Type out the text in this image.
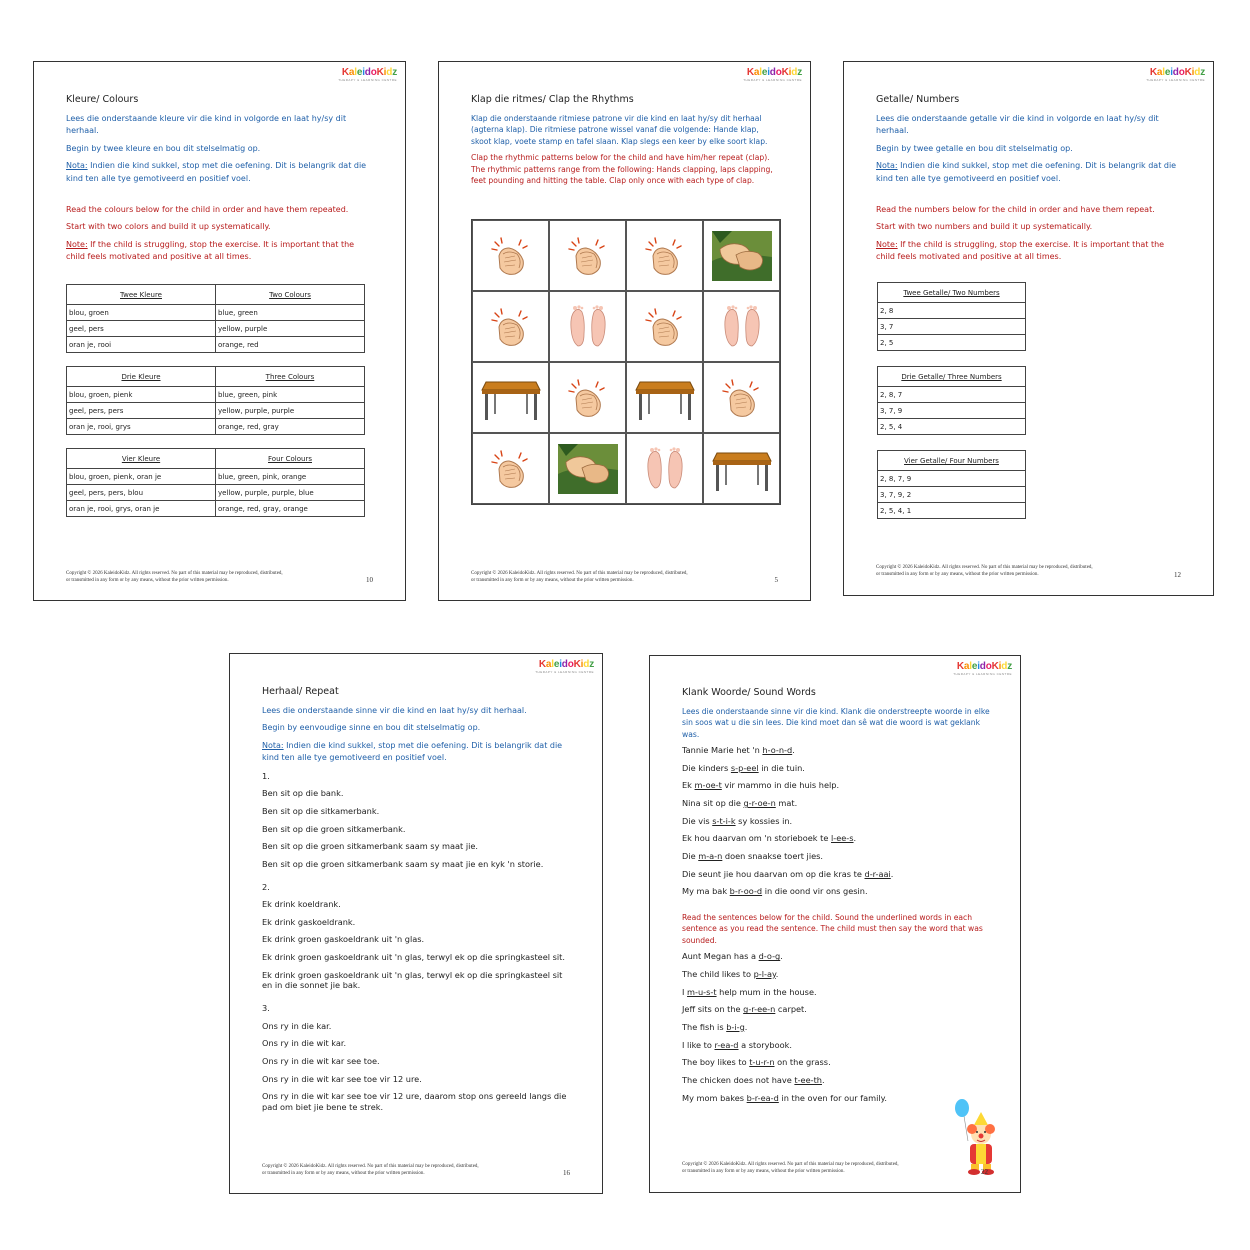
KaleidoKidz
THERAPY & LEARNING CENTRE
Kleure/ Colours
Lees die onderstaande kleure vir die kind in volgorde en laat hy/sy dit herhaal.
Begin by twee kleure en bou dit stelselmatig op.
Nota: Indien die kind sukkel, stop met die oefening. Dit is belangrik dat die kind ten alle tye gemotiveerd en positief voel.
Read the colours below for the child in order and have them repeated.
Start with two colors and build it up systematically.
Note: If the child is struggling, stop the exercise. It is important that the child feels motivated and positive at all times.
Twee Kleure	Two Colours
blou, groen	blue, green
geel, pers	yellow, purple
oran je, rooi	orange, red
Drie Kleure	Three Colours
blou, groen, pienk	blue, green, pink
geel, pers, pers	yellow, purple, purple
oran je, rooi, grys	orange, red, gray
Vier Kleure	Four Colours
blou, groen, pienk, oran je	blue, green, pink, orange
geel, pers, pers, blou	yellow, purple, purple, blue
oran je, rooi, grys, oran je	orange, red, gray, orange
Copyright © 2026 KaleidoKidz. All rights reserved. No part of this material may be reproduced, distributed,
or transmitted in any form or by any means, without the prior written permission.	10
KaleidoKidz
THERAPY & LEARNING CENTRE
Klap die ritmes/ Clap the Rhythms
Klap die onderstaande ritmiese patrone vir die kind en laat hy/sy dit herhaal (agterna klap). Die ritmiese patrone wissel vanaf die volgende: Hande klap, skoot klap, voete stamp en tafel slaan. Klap slegs een keer by elke soort klap.
Clap the rhythmic patterns below for the child and have him/her repeat (clap). The rhythmic patterns range from the following: Hands clapping, laps clapping, feet pounding and hitting the table. Clap only once with each type of clap.
Copyright © 2026 KaleidoKidz. All rights reserved. No part of this material may be reproduced, distributed,
or transmitted in any form or by any means, without the prior written permission.	5
KaleidoKidz
THERAPY & LEARNING CENTRE
Getalle/ Numbers
Lees die onderstaande getalle vir die kind in volgorde en laat hy/sy dit herhaal.
Begin by twee getalle en bou dit stelselmatig op.
Nota: Indien die kind sukkel, stop met die oefening. Dit is belangrik dat die kind ten alle tye gemotiveerd en positief voel.
Read the numbers below for the child in order and have them repeat.
Start with two numbers and build it up systematically.
Note: If the child is struggling, stop the exercise. It is important that the child feels motivated and positive at all times.
Twee Getalle/ Two Numbers
2, 8
3, 7
2, 5
Drie Getalle/ Three Numbers
2, 8, 7
3, 7, 9
2, 5, 4
Vier Getalle/ Four Numbers
2, 8, 7, 9
3, 7, 9, 2
2, 5, 4, 1
Copyright © 2026 KaleidoKidz. All rights reserved. No part of this material may be reproduced, distributed,
or transmitted in any form or by any means, without the prior written permission.	12
KaleidoKidz
THERAPY & LEARNING CENTRE
Herhaal/ Repeat
Lees die onderstaande sinne vir die kind en laat hy/sy dit herhaal.
Begin by eenvoudige sinne en bou dit stelselmatig op.
Nota: Indien die kind sukkel, stop met die oefening. Dit is belangrik dat die kind ten alle tye gemotiveerd en positief voel.
1.
Ben sit op die bank.
Ben sit op die sitkamerbank.
Ben sit op die groen sitkamerbank.
Ben sit op die groen sitkamerbank saam sy maat jie.
Ben sit op die groen sitkamerbank saam sy maat jie en kyk 'n storie.
2.
Ek drink koeldrank.
Ek drink gaskoeldrank.
Ek drink groen gaskoeldrank uit 'n glas.
Ek drink groen gaskoeldrank uit 'n glas, terwyl ek op die springkasteel sit.
Ek drink groen gaskoeldrank uit 'n glas, terwyl ek op die springkasteel sit en in die sonnet jie bak.
3.
Ons ry in die kar.
Ons ry in die wit kar.
Ons ry in die wit kar see toe.
Ons ry in die wit kar see toe vir 12 ure.
Ons ry in die wit kar see toe vir 12 ure, daarom stop ons gereeld langs die pad om biet jie bene te strek.
Copyright © 2026 KaleidoKidz. All rights reserved. No part of this material may be reproduced, distributed,
or transmitted in any form or by any means, without the prior written permission.	16
KaleidoKidz
THERAPY & LEARNING CENTRE
Klank Woorde/ Sound Words
Lees die onderstaande sinne vir die kind. Klank die onderstreepte woorde in elke sin soos wat u die sin lees. Die kind moet dan sê wat die woord is wat geklank was.
Tannie Marie het 'n h-o-n-d.
Die kinders s-p-eel in die tuin.
Ek m-oe-t vir mammo in die huis help.
Nina sit op die g-r-oe-n mat.
Die vis s-t-i-k sy kossies in.
Ek hou daarvan om 'n storieboek te l-ee-s.
Die m-a-n doen snaakse toert jies.
Die seunt jie hou daarvan om op die kras te d-r-aai.
My ma bak b-r-oo-d in die oond vir ons gesin.
Read the sentences below for the child. Sound the underlined words in each sentence as you read the sentence. The child must then say the word that was sounded.
Aunt Megan has a d-o-g.
The child likes to p-l-ay.
I m-u-s-t help mum in the house.
Jeff sits on the g-r-ee-n carpet.
The fish is b-i-g.
I like to r-ea-d a storybook.
The boy likes to t-u-r-n on the grass.
The chicken does not have t-ee-th.
My mom bakes b-r-ea-d in the oven for our family.
Copyright © 2026 KaleidoKidz. All rights reserved. No part of this material may be reproduced, distributed,
or transmitted in any form or by any means, without the prior written permission.	22
